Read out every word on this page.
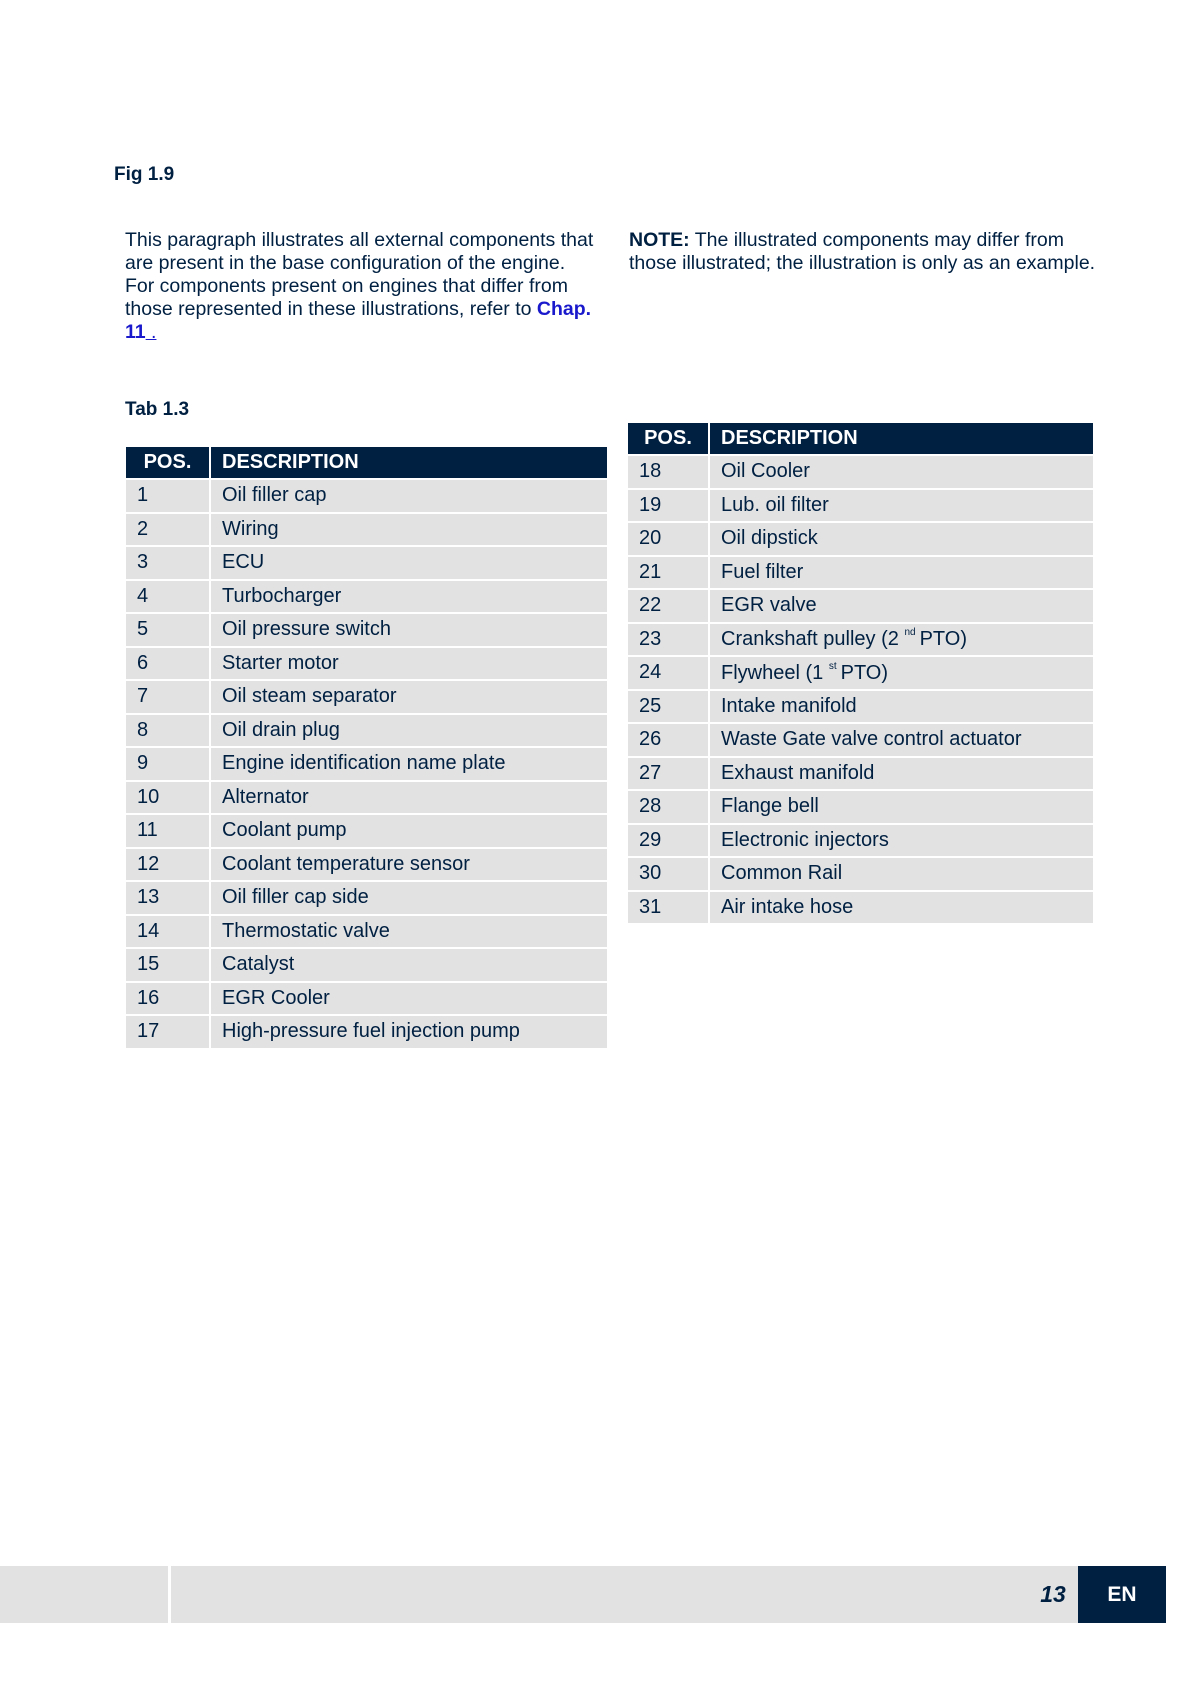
Fig 1.9
This paragraph illustrates all external components that are present in the base configuration of the engine.
For components present on engines that differ from those represented in these illustrations, refer to Chap. 11 .
NOTE: The illustrated components may differ from those illustrated; the illustration is only as an example.
Tab 1.3
POS.	DESCRIPTION
1	Oil filler cap
2	Wiring
3	ECU
4	Turbocharger
5	Oil pressure switch
6	Starter motor
7	Oil steam separator
8	Oil drain plug
9	Engine identification name plate
10	Alternator
11	Coolant pump
12	Coolant temperature sensor
13	Oil filler cap side
14	Thermostatic valve
15	Catalyst
16	EGR Cooler
17	High-pressure fuel injection pump
POS.	DESCRIPTION
18	Oil Cooler
19	Lub. oil filter
20	Oil dipstick
21	Fuel filter
22	EGR valve
23	Crankshaft pulley (2 $^{nd}$ PTO)
24	Flywheel (1 $^{st}$ PTO)
25	Intake manifold
26	Waste Gate valve control actuator
27	Exhaust manifold
28	Flange bell
29	Electronic injectors
30	Common Rail
31	Air intake hose
13	EN
